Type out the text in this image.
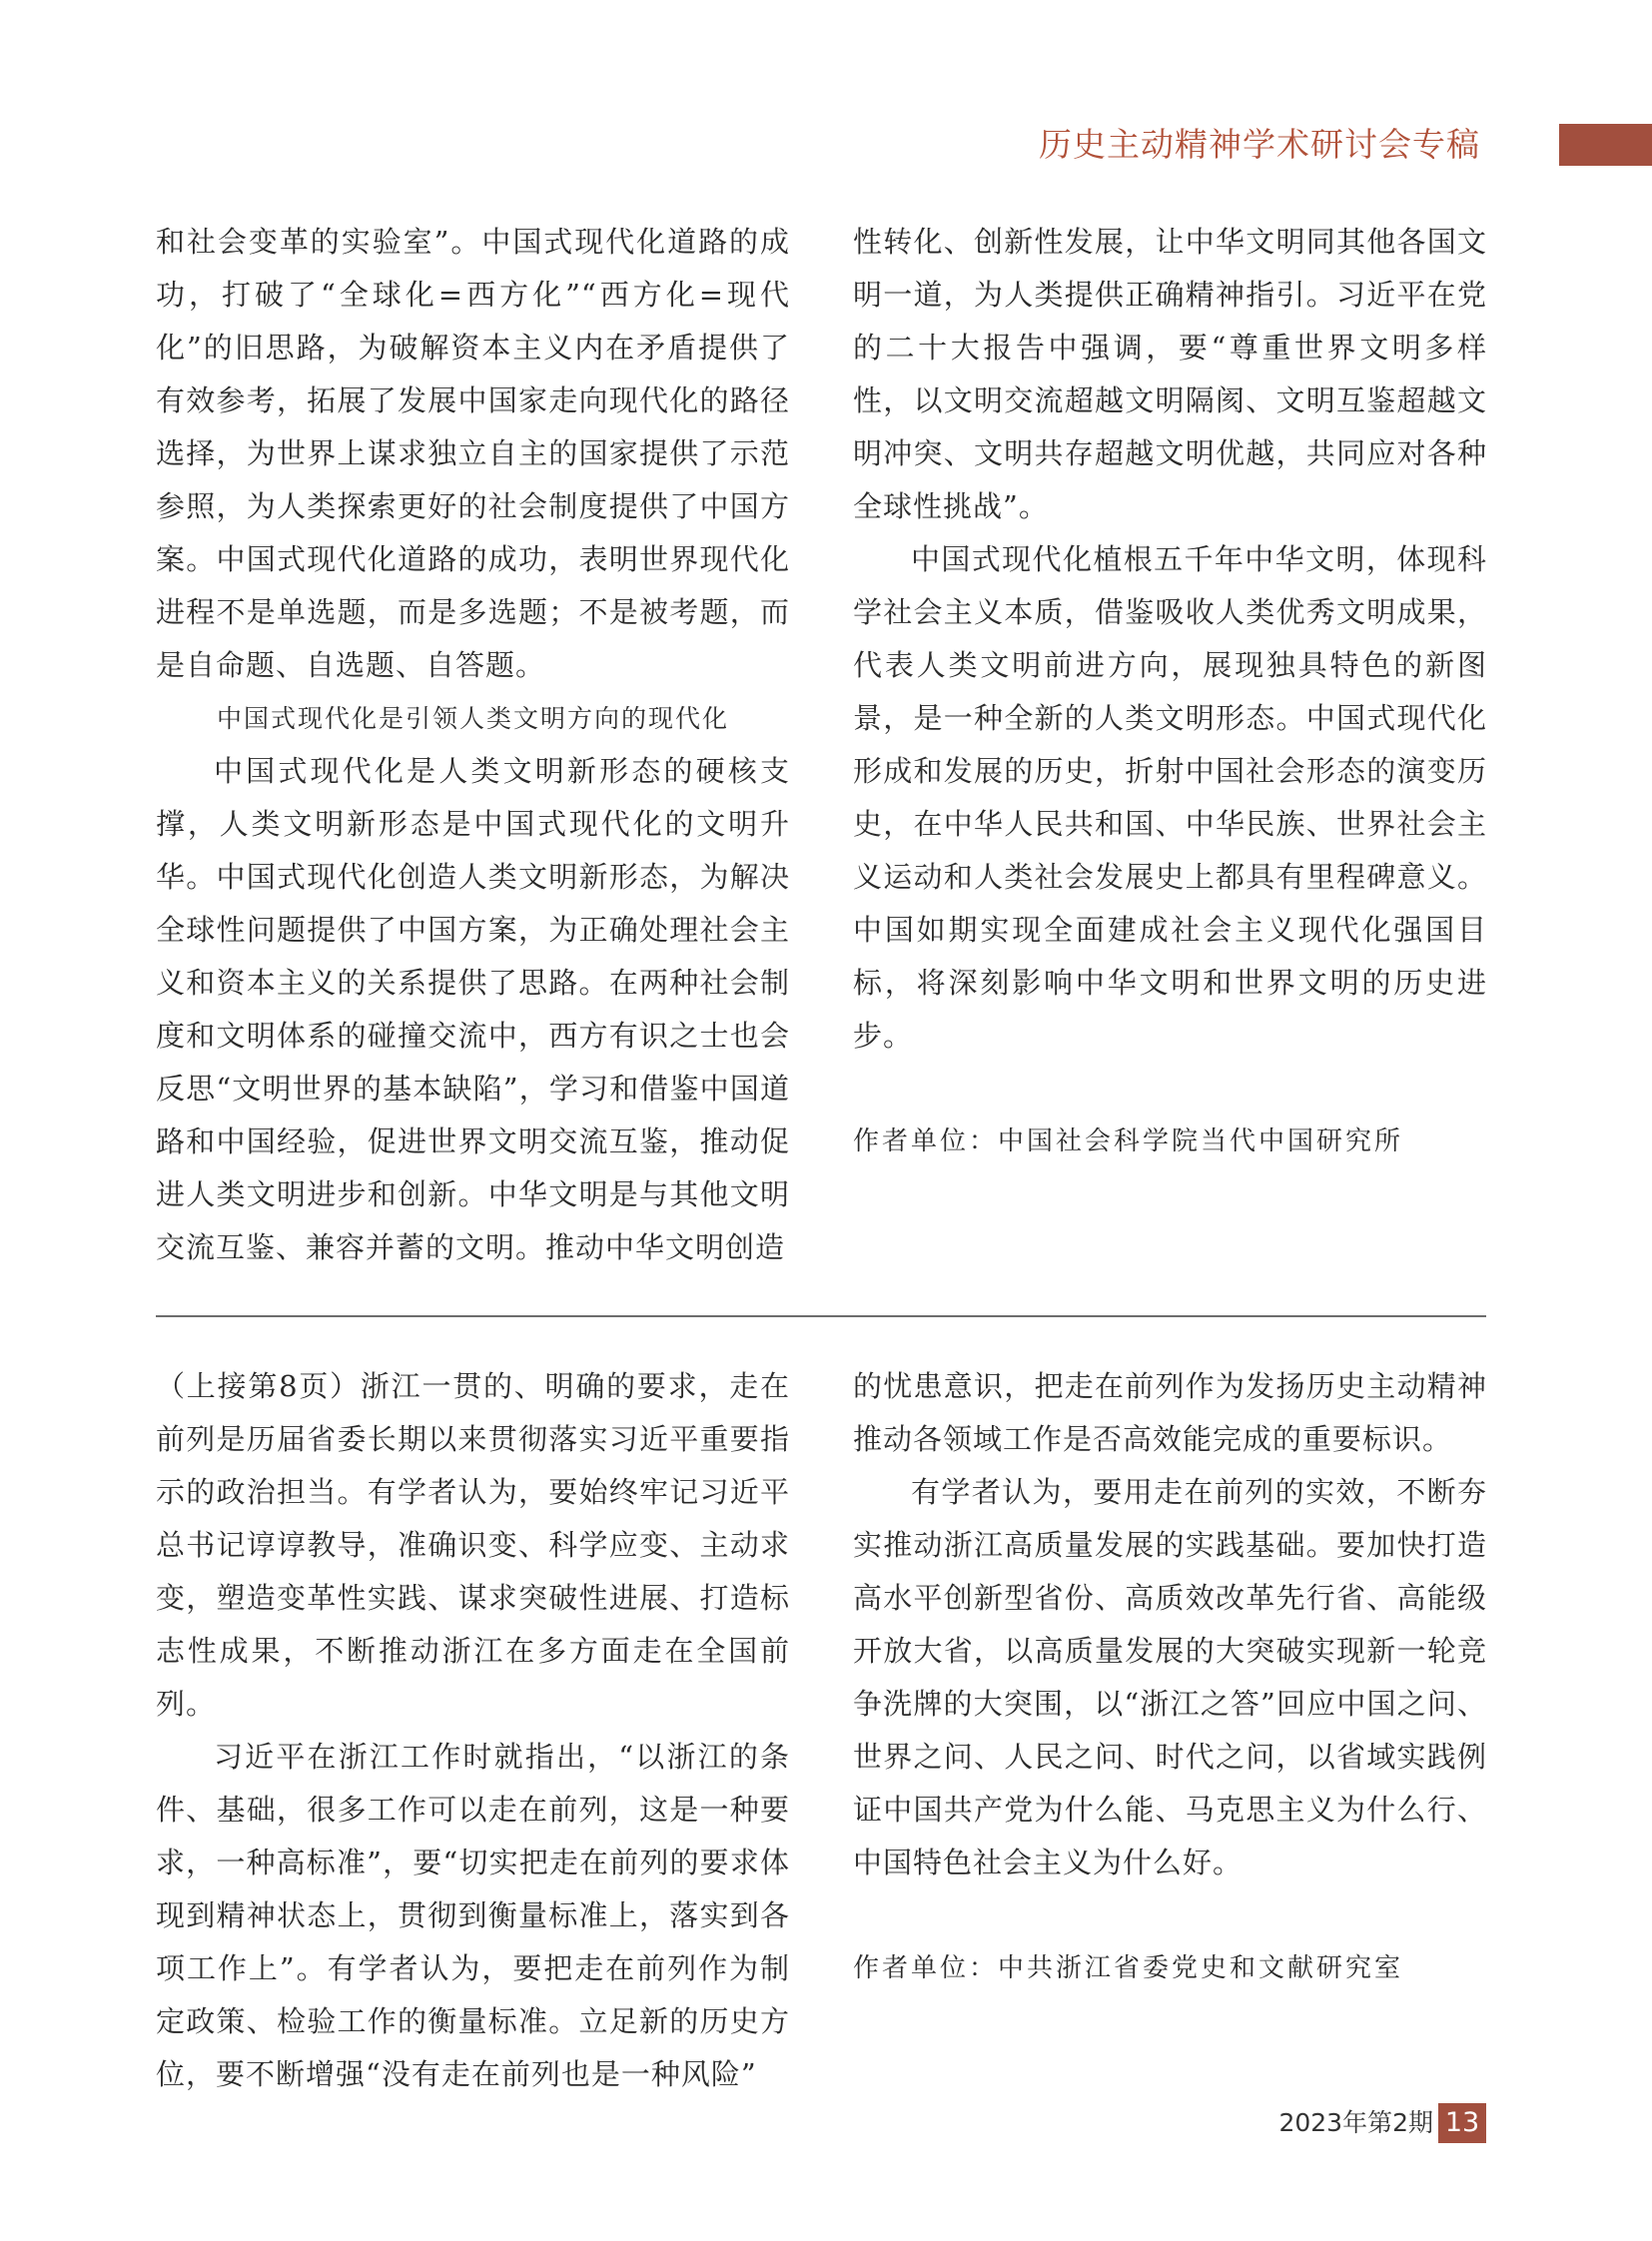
历史主动精神学术研讨会专稿

和社会变革的实验室”。中国式现代化道路的成功，打破了“全球化=西方化”“西方化=现代化”的旧思路，为破解资本主义内在矛盾提供了有效参考，拓展了发展中国家走向现代化的路径选择，为世界上谋求独立自主的国家提供了示范参照，为人类探索更好的社会制度提供了中国方案。中国式现代化道路的成功，表明世界现代化进程不是单选题，而是多选题；不是被考题，而是自命题、自选题、自答题。

中国式现代化是引领人类文明方向的现代化

中国式现代化是人类文明新形态的硬核支撑，人类文明新形态是中国式现代化的文明升华。中国式现代化创造人类文明新形态，为解决全球性问题提供了中国方案，为正确处理社会主义和资本主义的关系提供了思路。在两种社会制度和文明体系的碰撞交流中，西方有识之士也会反思“文明世界的基本缺陷”，学习和借鉴中国道路和中国经验，促进世界文明交流互鉴，推动促进人类文明进步和创新。中华文明是与其他文明交流互鉴、兼容并蓄的文明。推动中华文明创造

性转化、创新性发展，让中华文明同其他各国文明一道，为人类提供正确精神指引。习近平在党的二十大报告中强调，要“尊重世界文明多样性，以文明交流超越文明隔阂、文明互鉴超越文明冲突、文明共存超越文明优越，共同应对各种全球性挑战”。

中国式现代化植根五千年中华文明，体现科学社会主义本质，借鉴吸收人类优秀文明成果，代表人类文明前进方向，展现独具特色的新图景，是一种全新的人类文明形态。中国式现代化形成和发展的历史，折射中国社会形态的演变历史，在中华人民共和国、中华民族、世界社会主义运动和人类社会发展史上都具有里程碑意义。中国如期实现全面建成社会主义现代化强国目标，将深刻影响中华文明和世界文明的历史进步。

作者单位：中国社会科学院当代中国研究所

（上接第8页）浙江一贯的、明确的要求，走在前列是历届省委长期以来贯彻落实习近平重要指示的政治担当。有学者认为，要始终牢记习近平总书记谆谆教导，准确识变、科学应变、主动求变，塑造变革性实践、谋求突破性进展、打造标志性成果，不断推动浙江在多方面走在全国前列。

习近平在浙江工作时就指出，“以浙江的条件、基础，很多工作可以走在前列，这是一种要求，一种高标准”，要“切实把走在前列的要求体现到精神状态上，贯彻到衡量标准上，落实到各项工作上”。有学者认为，要把走在前列作为制定政策、检验工作的衡量标准。立足新的历史方位，要不断增强“没有走在前列也是一种风险”

的忧患意识，把走在前列作为发扬历史主动精神推动各领域工作是否高效能完成的重要标识。

有学者认为，要用走在前列的实效，不断夯实推动浙江高质量发展的实践基础。要加快打造高水平创新型省份、高质效改革先行省、高能级开放大省，以高质量发展的大突破实现新一轮竞争洗牌的大突围，以“浙江之答”回应中国之问、世界之问、人民之问、时代之问，以省域实践例证中国共产党为什么能、马克思主义为什么行、中国特色社会主义为什么好。

作者单位：中共浙江省委党史和文献研究室

2023年第2期 13
